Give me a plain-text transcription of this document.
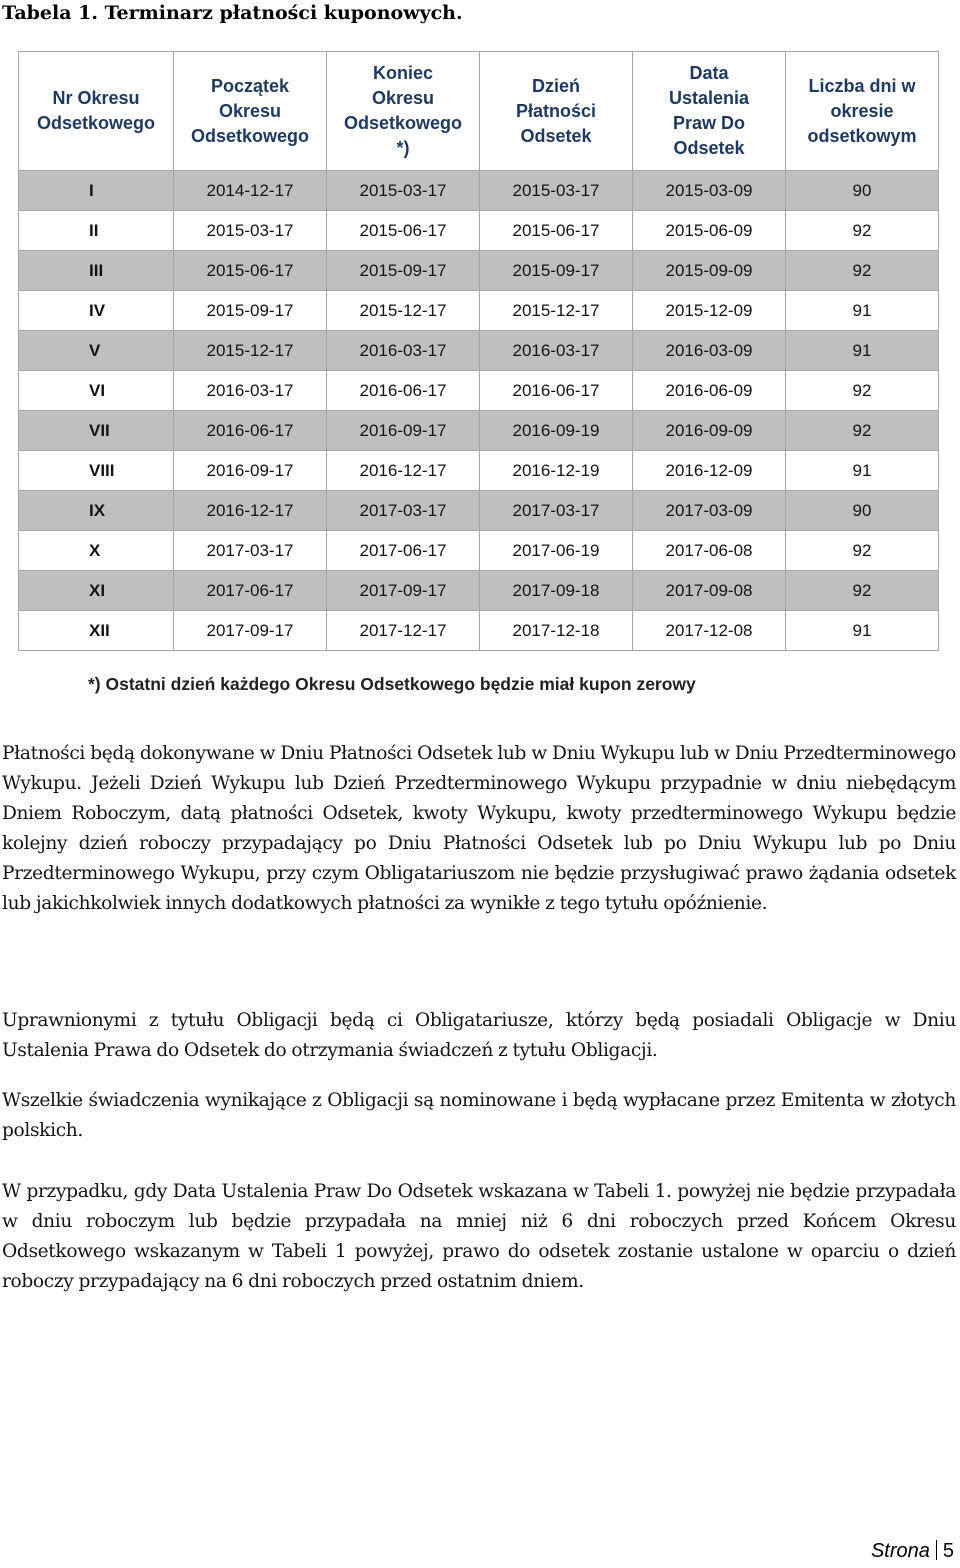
Tabela 1. Terminarz płatności kuponowych.
Nr Okresu
Odsetkowego	Początek
Okresu
Odsetkowego	Koniec
Okresu
Odsetkowego
*)	Dzień
Płatności
Odsetek	Data
Ustalenia
Praw Do
Odsetek	Liczba dni w
okresie
odsetkowym

I	2014-12-17	2015-03-17	2015-03-17	2015-03-09	90
II	2015-03-17	2015-06-17	2015-06-17	2015-06-09	92
III	2015-06-17	2015-09-17	2015-09-17	2015-09-09	92
IV	2015-09-17	2015-12-17	2015-12-17	2015-12-09	91
V	2015-12-17	2016-03-17	2016-03-17	2016-03-09	91
VI	2016-03-17	2016-06-17	2016-06-17	2016-06-09	92
VII	2016-06-17	2016-09-17	2016-09-19	2016-09-09	92
VIII	2016-09-17	2016-12-17	2016-12-19	2016-12-09	91
IX	2016-12-17	2017-03-17	2017-03-17	2017-03-09	90
X	2017-03-17	2017-06-17	2017-06-19	2017-06-08	92
XI	2017-06-17	2017-09-17	2017-09-18	2017-09-08	92
XII	2017-09-17	2017-12-17	2017-12-18	2017-12-08	91
*) Ostatni dzień każdego Okresu Odsetkowego będzie miał kupon zerowy

Płatności będą dokonywane w Dniu Płatności Odsetek lub w Dniu Wykupu lub w Dniu Przedterminowego Wykupu. Jeżeli Dzień Wykupu lub Dzień Przedterminowego Wykupu przypadnie w dniu niebędącym Dniem Roboczym, datą płatności Odsetek, kwoty Wykupu, kwoty przedterminowego Wykupu będzie kolejny dzień roboczy przypadający po Dniu Płatności Odsetek lub po Dniu Wykupu lub po Dniu Przedterminowego Wykupu, przy czym Obligatariuszom nie będzie przysługiwać prawo żądania odsetek lub jakichkolwiek innych dodatkowych płatności za wynikłe z tego tytułu opóźnienie.

Uprawnionymi z tytułu Obligacji będą ci Obligatariusze, którzy będą posiadali Obligacje w Dniu Ustalenia Prawa do Odsetek do otrzymania świadczeń z tytułu Obligacji.

Wszelkie świadczenia wynikające z Obligacji są nominowane i będą wypłacane przez Emitenta w złotych polskich.

W przypadku, gdy Data Ustalenia Praw Do Odsetek wskazana w Tabeli 1. powyżej nie będzie przypadała w dniu roboczym lub będzie przypadała na mniej niż 6 dni roboczych przed Końcem Okresu Odsetkowego wskazanym w Tabeli 1 powyżej, prawo do odsetek zostanie ustalone w oparciu o dzień roboczy przypadający na 6 dni roboczych przed ostatnim dniem.

Strona 5
